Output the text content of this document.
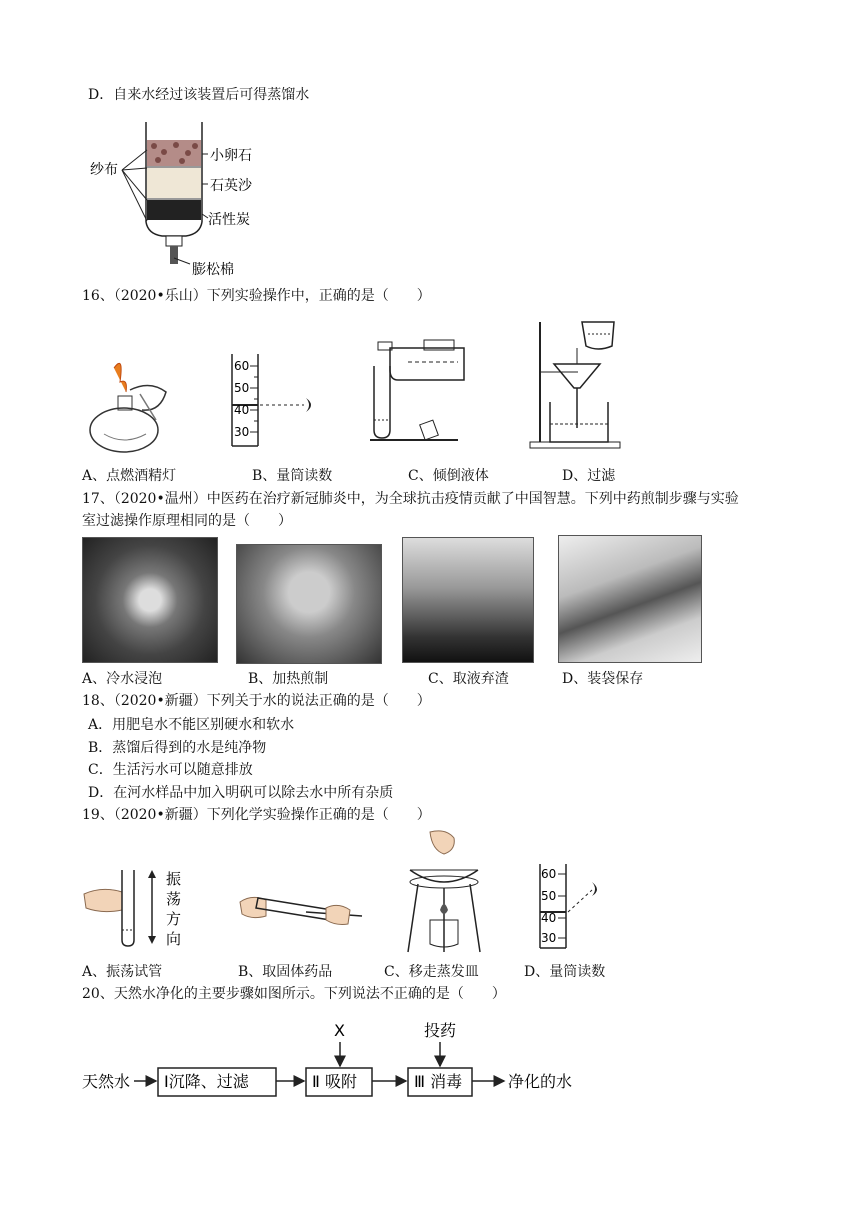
D．自来水经过该装置后可得蒸馏水
纱布
小卵石
石英沙
活性炭
膨松棉
16、（2020•乐山）下列实验操作中，正确的是（　　）
60
50
40
30
A、点燃酒精灯	B、量筒读数	C、倾倒液体	D、过滤
17、（2020•温州）中医药在治疗新冠肺炎中，为全球抗击疫情贡献了中国智慧。下列中药煎制步骤与实验
室过滤操作原理相同的是（　　）
A、冷水浸泡	B、加热煎制	C、取液弃渣	D、装袋保存
18、（2020•新疆）下列关于水的说法正确的是（　　）
A．用肥皂水不能区别硬水和软水
B．蒸馏后得到的水是纯净物
C．生活污水可以随意排放
D．在河水样品中加入明矾可以除去水中所有杂质
19、（2020•新疆）下列化学实验操作正确的是（　　）
振
荡
方
向
60
50
40
30
A、振荡试管	B、取固体药品	C、移走蒸发皿	D、量筒读数
20、天然水净化的主要步骤如图所示。下列说法不正确的是（　　）
天然水 Ⅰ沉降、过滤	Ⅱ 吸附
X
Ⅲ 消毒
投药
净化的水
